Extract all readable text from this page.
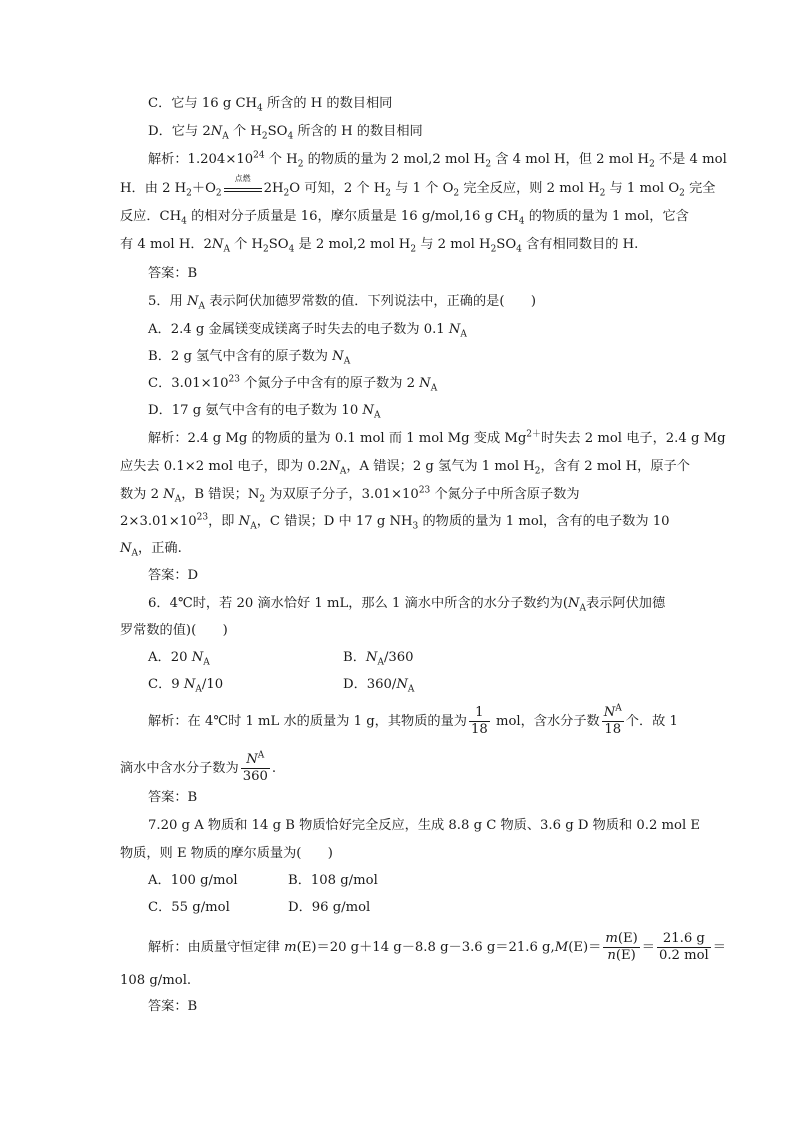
C．它与 16 g $CH_4$ 所含的 H 的数目相同
D．它与 $2N_A$ 个 $H_2SO_4$ 所含的 H 的数目相同
解析：$1.204\times 10^{24}$ 个 $H_2$ 的物质的量为 2 mol,2 mol $H_2$ 含 4 mol H，但 2 mol $H_2$ 不是 4 mol
H．由 2 $H_2+O_2$
点燃
$2H_2O$ 可知，2 个 $H_2$ 与 1 个 $O_2$ 完全反应，则 2 mol $H_2$ 与 1 mol $O_2$ 完全
反应．$CH_4$ 的相对分子质量是 16，摩尔质量是 16 g/mol,16 g $CH_4$ 的物质的量为 1 mol，它含
有 4 mol H．$2N_A$ 个 $H_2SO_4$ 是 2 mol,2 mol $H_2$ 与 2 mol $H_2SO_4$ 含有相同数目的 H.
答案：B
5．用 $N_A$ 表示阿伏加德罗常数的值．下列说法中，正确的是(　　)
A．2.4 g 金属镁变成镁离子时失去的电子数为 0.1 $N_A$
B．2 g 氢气中含有的原子数为 $N_A$
C．$3.01\times 10^{23}$ 个氮分子中含有的原子数为 2 $N_A$
D．17 g 氨气中含有的电子数为 10 $N_A$
解析：2.4 g Mg 的物质的量为 0.1 mol 而 1 mol Mg 变成 $Mg^{2+}$时失去 2 mol 电子，2.4 g Mg
应失去 0.1×2 mol 电子，即为 $0.2N_A$，A 错误；2 g 氢气为 1 mol $H_2$，含有 2 mol H，原子个
数为 2 $N_A$，B 错误；$N_2$ 为双原子分子，$3.01\times 10^{23}$ 个氮分子中所含原子数为
$2\times 3.01\times 10^{23}$，即 $N_A$，C 错误；D 中 17 g $NH_3$ 的物质的量为 1 mol，含有的电子数为 10
$N_A$，正确.
答案：D
6．4℃时，若 20 滴水恰好 1 mL，那么 1 滴水中所含的水分子数约为($N_A$表示阿伏加德
罗常数的值)(　　)
A．20 $N_A$	B．$N_A/360$
C．9 $N_A/10$	D．$360/N_A$
解析：在 4℃时 1 mL 水的质量为 1 g，其物质的量为 $\frac{1}{18}$ mol，含水分子数 $\frac{N^A}{18}$ 个．故 1
滴水中含水分子数为 $\frac{N^A}{360}$ .
答案：B
7.20 g A 物质和 14 g B 物质恰好完全反应，生成 8.8 g C 物质、3.6 g D 物质和 0.2 mol E
物质，则 E 物质的摩尔质量为(　　)
A．100 g/mol	B．108 g/mol
C．55 g/mol	D．96 g/mol
解析：由质量守恒定律 m(E)＝20 g＋14 g－8.8 g－3.6 g＝21.6 $g,M(E)= \frac{m(E)}{n(E)} = \frac{21.6 g}{\text{0.2 mol}}$ ＝
108 g/mol.
答案：B
